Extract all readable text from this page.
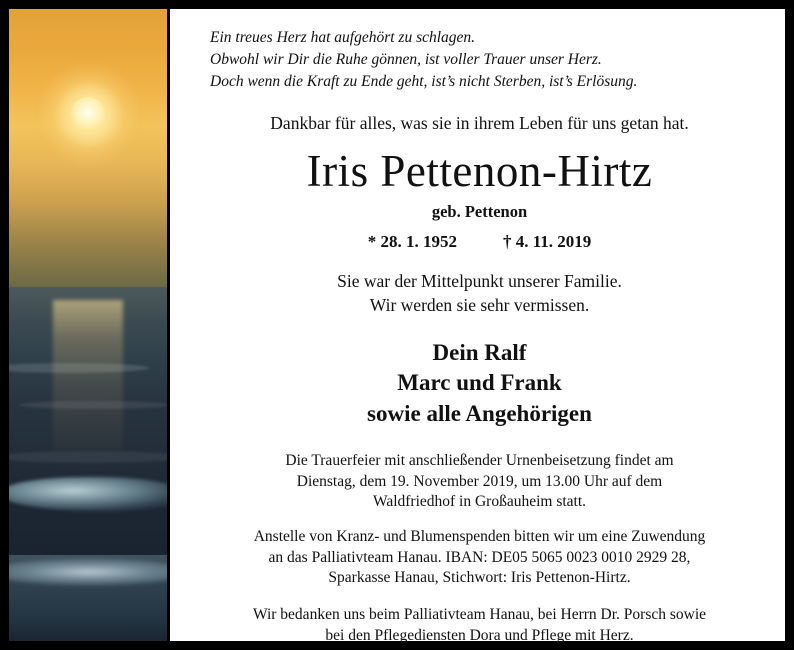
Ein treues Herz hat aufgehört zu schlagen.
Obwohl wir Dir die Ruhe gönnen, ist voller Trauer unser Herz.
Doch wenn die Kraft zu Ende geht, ist’s nicht Sterben, ist’s Erlösung.
Dankbar für alles, was sie in ihrem Leben für uns getan hat.
Iris Pettenon-Hirtz
geb. Pettenon
* 28. 1. 1952	† 4. 11. 2019
Sie war der Mittelpunkt unserer Familie.
Wir werden sie sehr vermissen.
Dein Ralf
Marc und Frank
sowie alle Angehörigen
Die Trauerfeier mit anschließender Urnenbeisetzung findet am
Dienstag, dem 19. November 2019, um 13.00 Uhr auf dem
Waldfriedhof in Großauheim statt.
Anstelle von Kranz- und Blumenspenden bitten wir um eine Zuwendung
an das Palliativteam Hanau. IBAN: DE05 5065 0023 0010 2929 28,
Sparkasse Hanau, Stichwort: Iris Pettenon-Hirtz.
Wir bedanken uns beim Palliativteam Hanau, bei Herrn Dr. Porsch sowie
bei den Pflegediensten Dora und Pflege mit Herz.
